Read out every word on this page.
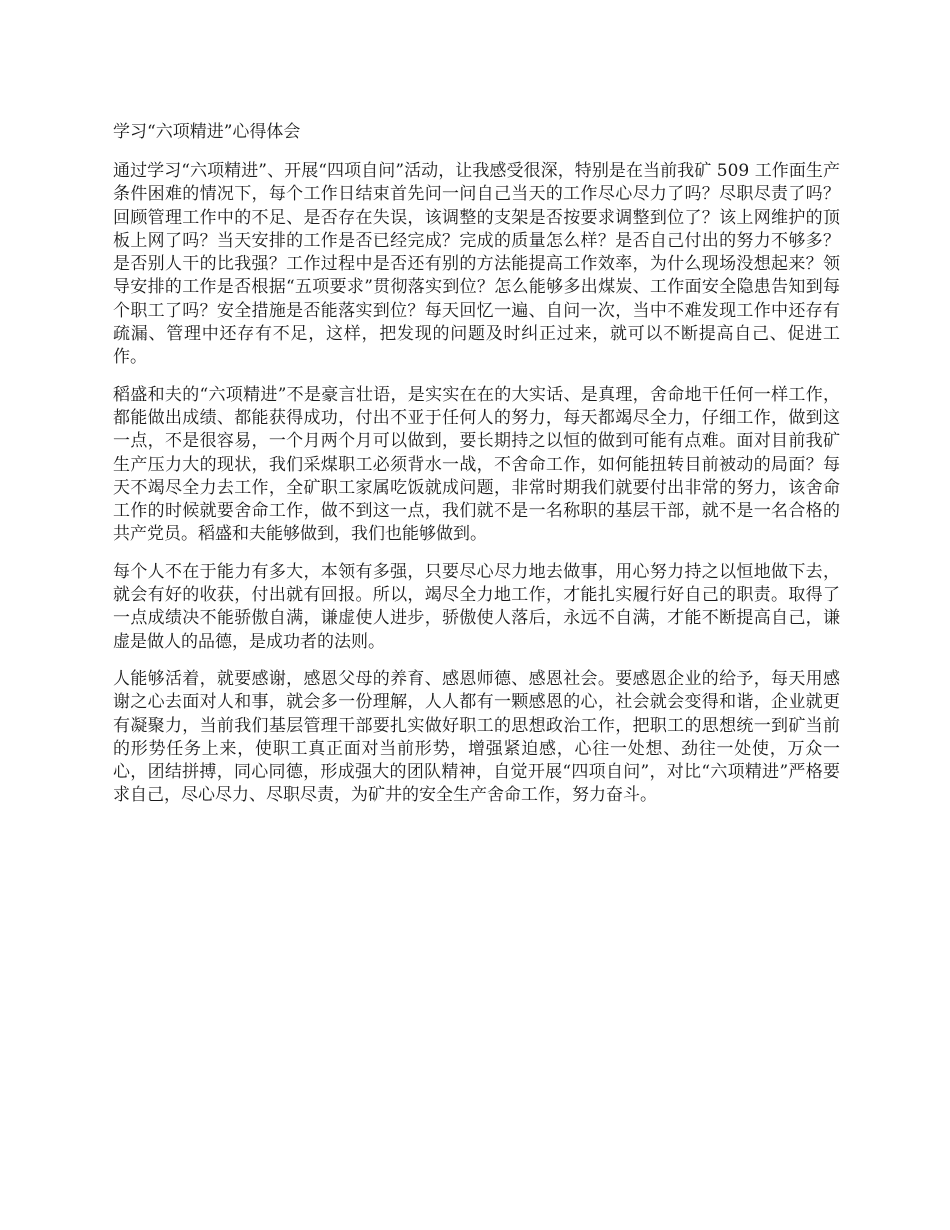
学习“六项精进”心得体会

通过学习“六项精进”、开展“四项自问”活动，让我感受很深，特别是在当前我矿 509 工作面生产条件困难的情况下，每个工作日结束首先问一问自己当天的工作尽心尽力了吗？尽职尽责了吗？回顾管理工作中的不足、是否存在失误，该调整的支架是否按要求调整到位了？该上网维护的顶板上网了吗？当天安排的工作是否已经完成？完成的质量怎么样？是否自己付出的努力不够多？是否别人干的比我强？工作过程中是否还有别的方法能提高工作效率，为什么现场没想起来？领导安排的工作是否根据“五项要求”贯彻落实到位？怎么能够多出煤炭、工作面安全隐患告知到每个职工了吗？安全措施是否能落实到位？每天回忆一遍、自问一次，当中不难发现工作中还存有疏漏、管理中还存有不足，这样，把发现的问题及时纠正过来，就可以不断提高自己、促进工作。

稻盛和夫的“六项精进”不是豪言壮语，是实实在在的大实话、是真理，舍命地干任何一样工作，都能做出成绩、都能获得成功，付出不亚于任何人的努力，每天都竭尽全力，仔细工作，做到这一点，不是很容易，一个月两个月可以做到，要长期持之以恒的做到可能有点难。面对目前我矿生产压力大的现状，我们采煤职工必须背水一战，不舍命工作，如何能扭转目前被动的局面？每天不竭尽全力去工作，全矿职工家属吃饭就成问题，非常时期我们就要付出非常的努力，该舍命工作的时候就要舍命工作，做不到这一点，我们就不是一名称职的基层干部，就不是一名合格的共产党员。稻盛和夫能够做到，我们也能够做到。

每个人不在于能力有多大，本领有多强，只要尽心尽力地去做事，用心努力持之以恒地做下去，就会有好的收获，付出就有回报。所以，竭尽全力地工作，才能扎实履行好自己的职责。取得了一点成绩决不能骄傲自满，谦虚使人进步，骄傲使人落后，永远不自满，才能不断提高自己，谦虚是做人的品德，是成功者的法则。

人能够活着，就要感谢，感恩父母的养育、感恩师德、感恩社会。要感恩企业的给予，每天用感谢之心去面对人和事，就会多一份理解，人人都有一颗感恩的心，社会就会变得和谐，企业就更有凝聚力，当前我们基层管理干部要扎实做好职工的思想政治工作，把职工的思想统一到矿当前的形势任务上来，使职工真正面对当前形势，增强紧迫感，心往一处想、劲往一处使，万众一心，团结拼搏，同心同德，形成强大的团队精神，自觉开展“四项自问”，对比“六项精进”严格要求自己，尽心尽力、尽职尽责，为矿井的安全生产舍命工作，努力奋斗。
